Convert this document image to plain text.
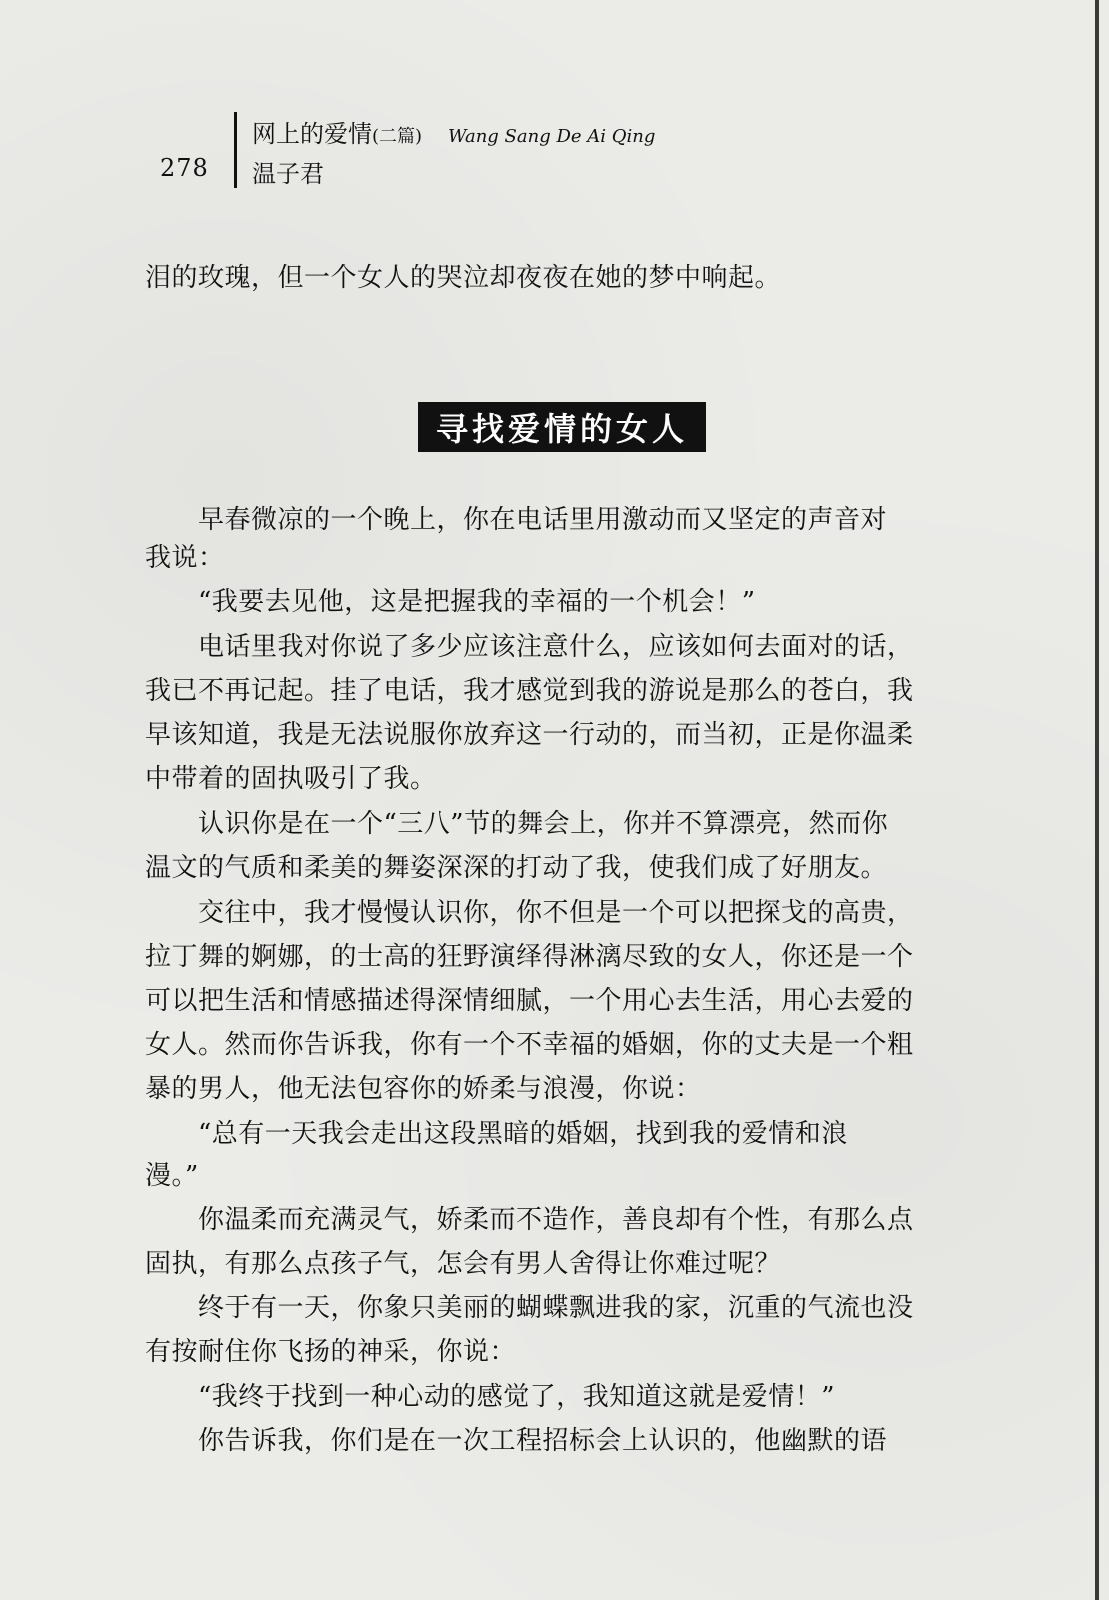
278
网上的爱情(二篇) Wang Sang De Ai Qing
温子君
泪的玫瑰，但一个女人的哭泣却夜夜在她的梦中响起。
寻找爱情的女人
　　早春微凉的一个晚上，你在电话里用激动而又坚定的声音对
我说：
　　“我要去见他，这是把握我的幸福的一个机会！”
　　电话里我对你说了多少应该注意什么，应该如何去面对的话，
我已不再记起。挂了电话，我才感觉到我的游说是那么的苍白，我
早该知道，我是无法说服你放弃这一行动的，而当初，正是你温柔
中带着的固执吸引了我。
　　认识你是在一个“三八”节的舞会上，你并不算漂亮，然而你
温文的气质和柔美的舞姿深深的打动了我，使我们成了好朋友。
　　交往中，我才慢慢认识你，你不但是一个可以把探戈的高贵，
拉丁舞的婀娜，的士高的狂野演绎得淋漓尽致的女人，你还是一个
可以把生活和情感描述得深情细腻，一个用心去生活，用心去爱的
女人。然而你告诉我，你有一个不幸福的婚姻，你的丈夫是一个粗
暴的男人，他无法包容你的娇柔与浪漫，你说：
　　“总有一天我会走出这段黑暗的婚姻，找到我的爱情和浪
漫。”
　　你温柔而充满灵气，娇柔而不造作，善良却有个性，有那么点
固执，有那么点孩子气，怎会有男人舍得让你难过呢？
　　终于有一天，你象只美丽的蝴蝶飘进我的家，沉重的气流也没
有按耐住你飞扬的神采，你说：
　　“我终于找到一种心动的感觉了，我知道这就是爱情！”
　　你告诉我，你们是在一次工程招标会上认识的，他幽默的语
